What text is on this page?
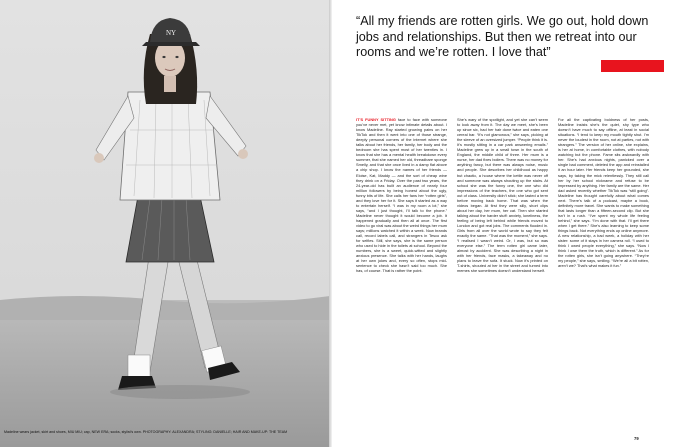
NY
Madeline wears jacket, skirt and shoes, MIU MIU; cap, NEW ERA; socks, stylist’s own. PHOTOGRAPHY: ALEXANDRA; STYLING: DANIELLE; HAIR AND MAKE-UP: THE TEAM
“All my friends are rotten girls. We go out, hold down jobs and relationships. But then we retreat into our rooms and we’re rotten. I love that”

IT’S FUNNY SITTING face to face with someone you’ve never met, yet know intimate details about. I know Madeline. Ray started growing pains on her TikTok and then it went into one of those strange, deeply personal corners of the internet where she talks about her friends, her family, her body and the bedroom she has spent most of her twenties in. I know that she has a mental health breakdown every summer, that she named her old, threadbare sponge Smelly, and that she once lived in a damp flat above a chip shop. I know the names of her friends — Eloise, Kat, Maddy — and the sort of cheap wine they drink on a Friday. Over the past two years, the 24-year-old has built an audience of nearly four million followers by being honest about the ugly, funny bits of life. She calls her fans her “rotten girls”, and they love her for it. She says it started as a way to entertain herself. “I was in my room a lot,” she says, “and I just thought, I’ll talk to the phone.” Madeline never thought it would become a job. It happened gradually and then all at once. The first video to go viral was about the weird things her mum says; millions watched it within a week. Now brands call, record labels call, and strangers in Tesco ask for selfies. Still, she says, she is the same person who used to hide in the toilets at school. Beyond the numbers, she is a sweet, quick-witted and slightly anxious presence. She talks with her hands, laughs at her own jokes and, every so often, stops mid-sentence to check she hasn’t said too much. She has, of course. That is rather the point.

She’s wary of the spotlight, and yet she can’t seem to look away from it. The day we meet, she’s been up since six, had her hair done twice and eaten one cereal bar. “It’s not glamorous,” she says, picking at the sleeve of an oversized jumper. “People think it is. It’s mostly sitting in a car park answering emails.” Madeline grew up in a small town in the south of England, the middle child of three. Her mum is a nurse, her dad fixes boilers. There was no money for anything fancy, but there was always noise, music and people. She describes her childhood as happy but chaotic, a house where the kettle was never off and someone was always shouting up the stairs. At school she was the funny one, the one who did impressions of the teachers, the one who got sent out of class. University didn’t stick; she lasted a term before moving back home. That was when the videos began. At first they were silly, short clips about her day, her mum, her cat. Then she started talking about the harder stuff: anxiety, loneliness, the feeling of being left behind while friends moved to London and got real jobs. The comments flooded in. Girls from all over the world wrote to say they felt exactly the same. “That was the moment,” she says. “I realised I wasn’t weird. Or, I was, but so was everyone else.” The term rotten girl came later, almost by accident. She was describing a night in with her friends, face masks, a takeaway and no plans to leave the sofa. It stuck. Now it’s printed on T-shirts, shouted at her in the street and turned into memes she sometimes doesn’t understand herself.

For all the captivating boldness of her posts, Madeline insists she’s the quiet, shy type who doesn’t have much to say offline, at least in social situations. “I tend to keep my mouth tightly shut. I’m never the loudest in the room, not at parties, not with strangers.” The version of her online, she explains, is her at home, in comfortable clothes, with nobody watching but the phone. Fame sits awkwardly with her. She’s had anxious nights, panicked over a single bad comment, deleted the app and reinstalled it an hour later. Her friends keep her grounded, she says, by taking the mick relentlessly. They still call her by her school nickname and refuse to be impressed by anything. Her family are the same. Her dad asked recently whether TikTok was “still going”. Madeline has thought carefully about what comes next. There’s talk of a podcast, maybe a book, definitely more travel. She wants to make something that lasts longer than a fifteen-second clip. But she isn’t in a rush. “I’ve spent my whole life feeling behind,” she says. “I’m done with that. I’ll get there when I get there.” She’s also learning to keep some things back. Not everything ends up online anymore. A new relationship, a bad week, a holiday with her sister: some of it stays in her camera roll. “I used to think I owed people everything,” she says. “Now I think I owe them the truth, which is different.” As for the rotten girls, she isn’t going anywhere. “They’re my people,” she says, smiling. “We’re all a bit rotten, aren’t we? That’s what makes it fun.”

79
